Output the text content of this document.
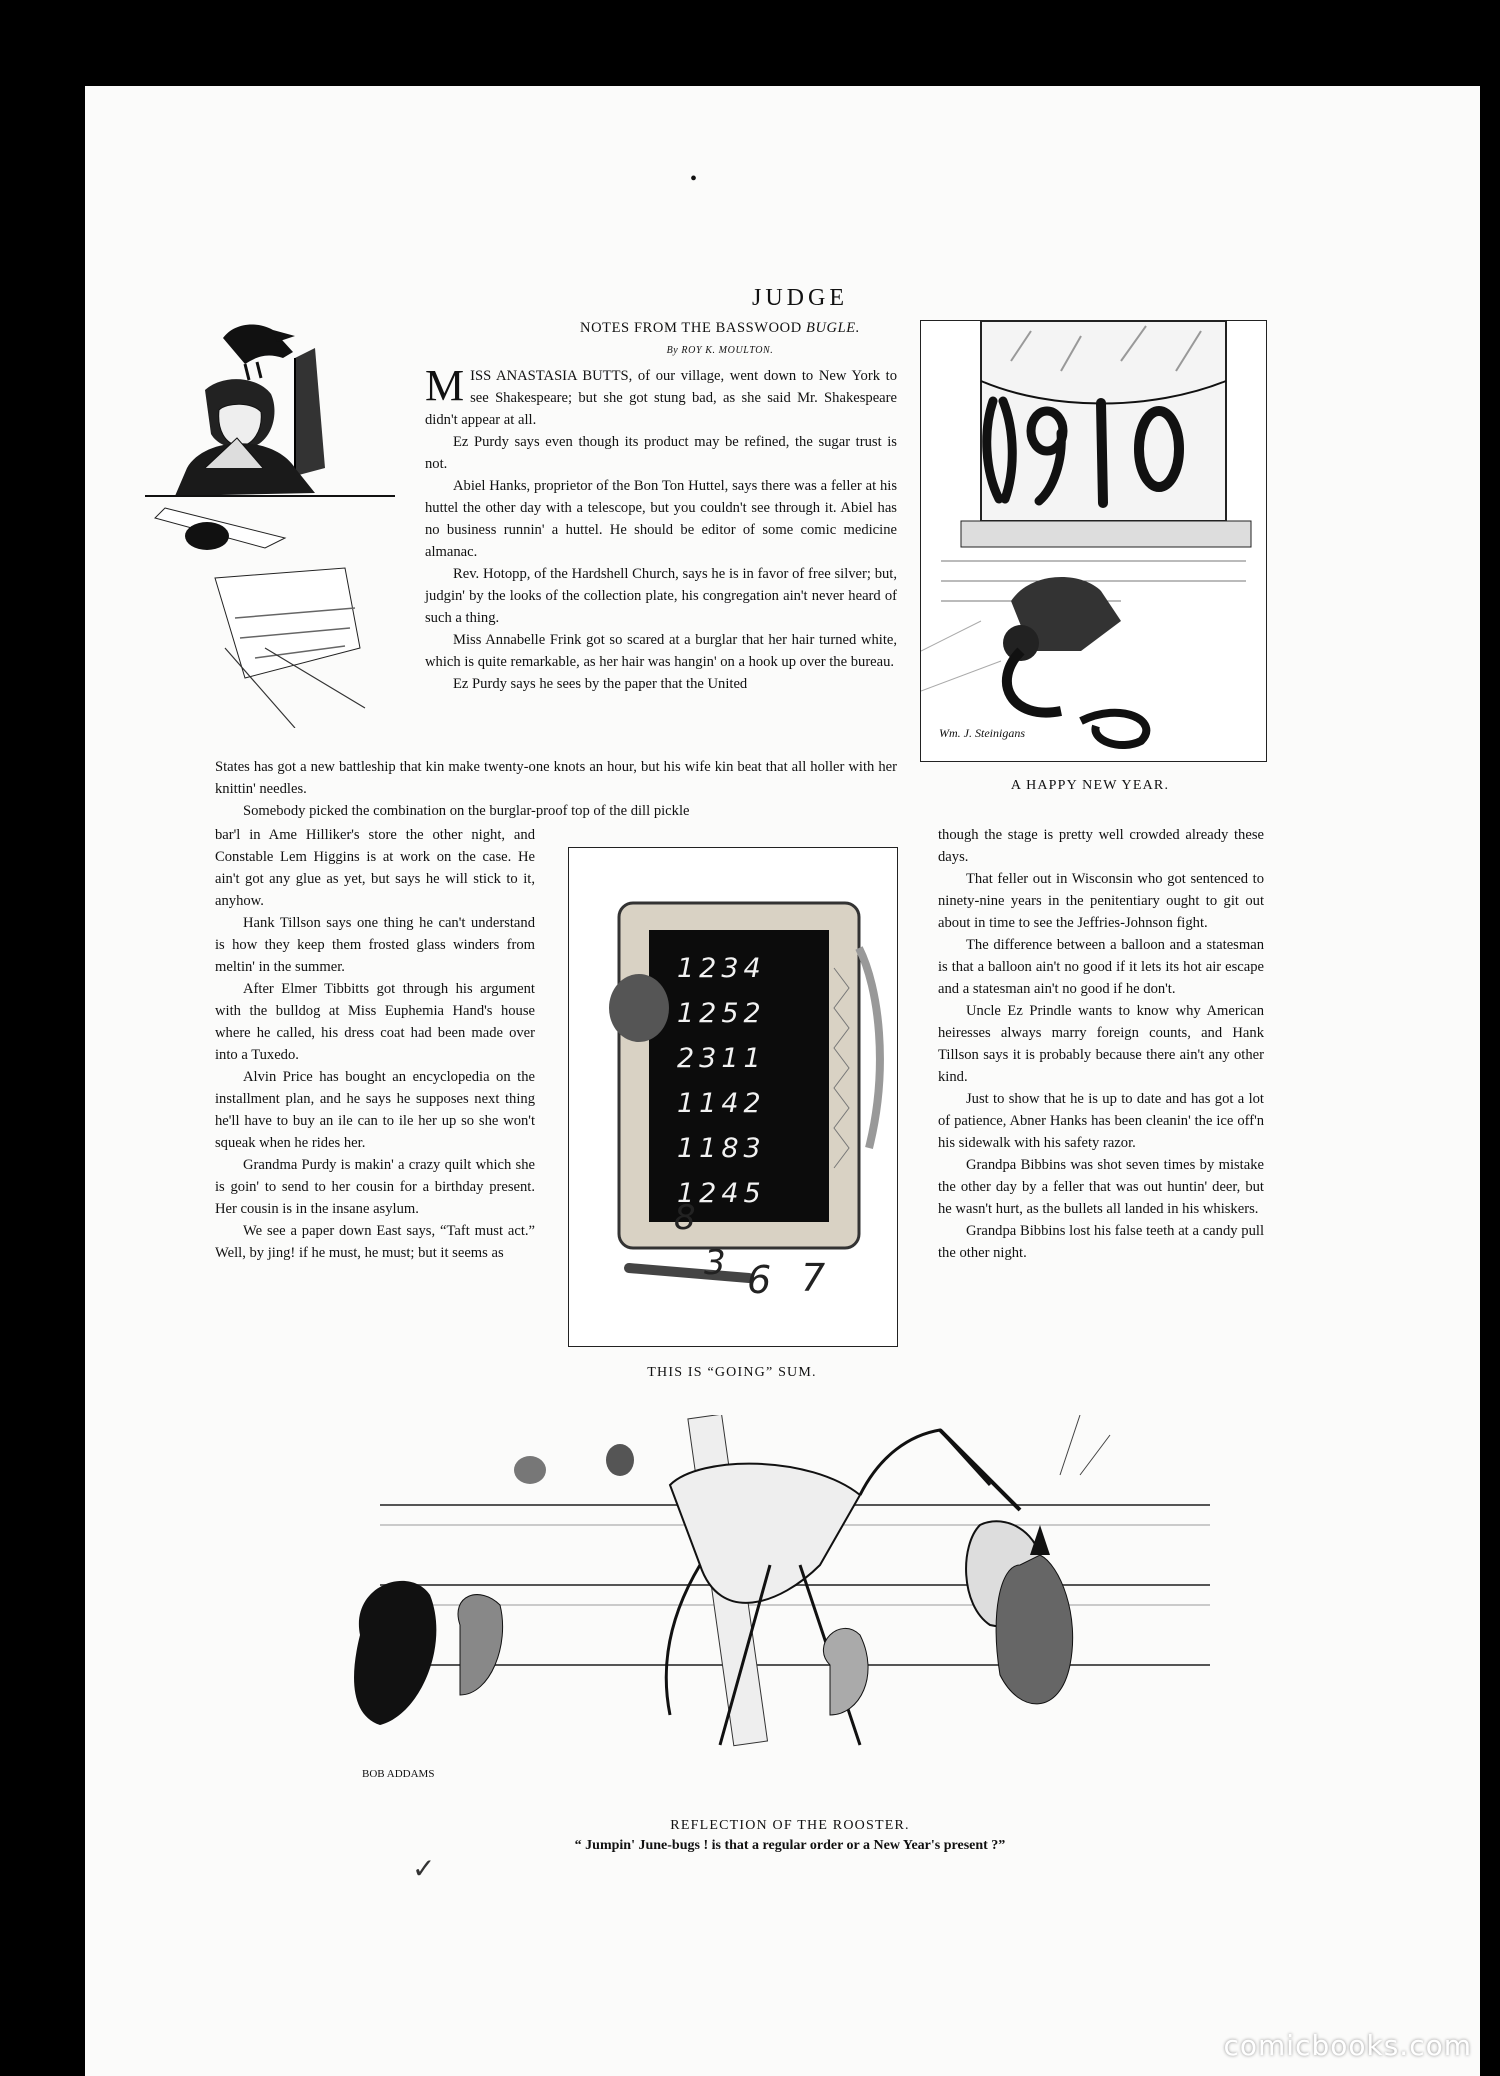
•
JUDGE
NOTES FROM THE BASSWOOD BUGLE.
By ROY K. MOULTON.

MISS ANASTASIA BUTTS, of our village, went down to New York to see Shakespeare; but she got stung bad, as she said Mr. Shakespeare didn't appear at all.

Ez Purdy says even though its product may be refined, the sugar trust is not.

Abiel Hanks, proprietor of the Bon Ton Huttel, says there was a feller at his huttel the other day with a telescope, but you couldn't see through it. Abiel has no business runnin' a huttel. He should be editor of some comic medicine almanac.

Rev. Hotopp, of the Hardshell Church, says he is in favor of free silver; but, judgin' by the looks of the collection plate, his congregation ain't never heard of such a thing.

Miss Annabelle Frink got so scared at a burglar that her hair turned white, which is quite remarkable, as her hair was hangin' on a hook up over the bureau.

Ez Purdy says he sees by the paper that the United

States has got a new battleship that kin make twenty-one knots an hour, but his wife kin beat that all holler with her knittin' needles.

Somebody picked the combination on the burglar-proof top of the dill pickle

Wm. J. Steinigans
A HAPPY NEW YEAR.

bar'l in Ame Hilliker's store the other night, and Constable Lem Higgins is at work on the case. He ain't got any glue as yet, but says he will stick to it, anyhow.

Hank Tillson says one thing he can't understand is how they keep them frosted glass winders from meltin' in the summer.

After Elmer Tibbitts got through his argument with the bulldog at Miss Euphemia Hand's house where he called, his dress coat had been made over into a Tuxedo.

Alvin Price has bought an encyclopedia on the installment plan, and he says he supposes next thing he'll have to buy an ile can to ile her up so she won't squeak when he rides her.

Grandma Purdy is makin' a crazy quilt which she is goin' to send to her cousin for a birthday present. Her cousin is in the insane asylum.

We see a paper down East says, “Taft must act.” Well, by jing! if he must, he must; but it seems as

1234
1252
2311
1142
1183
1245
8
3 6 7
THIS IS “GOING” SUM.

though the stage is pretty well crowded already these days.

That feller out in Wisconsin who got sentenced to ninety-nine years in the penitentiary ought to git out about in time to see the Jeffries-Johnson fight.

The difference between a balloon and a statesman is that a balloon ain't no good if it lets its hot air escape and a statesman ain't no good if he don't.

Uncle Ez Prindle wants to know why American heiresses always marry foreign counts, and Hank Tillson says it is probably because there ain't any other kind.

Just to show that he is up to date and has got a lot of patience, Abner Hanks has been cleanin' the ice off'n his sidewalk with his safety razor.

Grandpa Bibbins was shot seven times by mistake the other day by a feller that was out huntin' deer, but he wasn't hurt, as the bullets all landed in his whiskers.

Grandpa Bibbins lost his false teeth at a candy pull the other night.

BOB ADDAMS
REFLECTION OF THE ROOSTER.
“ Jumpin' June-bugs ! is that a regular order or a New Year's present ?”
✓
comicbooks.com
